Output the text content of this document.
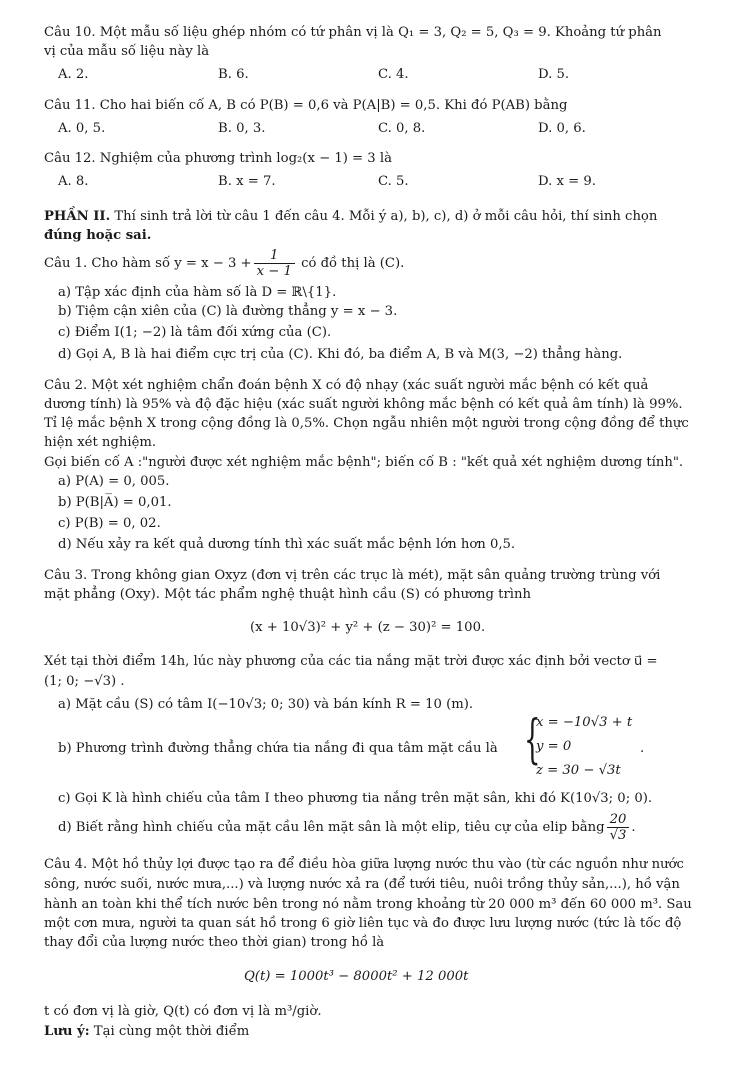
Câu 10. Một mẫu số liệu ghép nhóm có tứ phân vị là Q₁ = 3, Q₂ = 5, Q₃ = 9. Khoảng tứ phân
vị của mẫu số liệu này là
A. 2.	B. 6.	C. 4.	D. 5.
Câu 11. Cho hai biến cố A, B có P(B) = 0,6 và P(A|B) = 0,5. Khi đó P(AB) bằng
A. 0, 5.	B. 0, 3.	C. 0, 8.	D. 0, 6.
Câu 12. Nghiệm của phương trình log₂(x − 1) = 3 là
A. 8.	B. x = 7.	C. 5.	D. x = 9.
PHẦN II. Thí sinh trả lời từ câu 1 đến câu 4. Mỗi ý a), b), c), d) ở mỗi câu hỏi, thí sinh chọn
đúng hoặc sai.
Câu 1. Cho hàm số $y = x - 3 + \frac{1}{x - 1}$ có đồ thị là (C).
a) Tập xác định của hàm số là D = ℝ\{1}.
b) Tiệm cận xiên của (C) là đường thẳng y = x − 3.
c) Điểm I(1; −2) là tâm đối xứng của (C).
d) Gọi A, B là hai điểm cực trị của (C). Khi đó, ba điểm A, B và M(3, −2) thẳng hàng.
Câu 2. Một xét nghiệm chẩn đoán bệnh X có độ nhạy (xác suất người mắc bệnh có kết quả
dương tính) là 95% và độ đặc hiệu (xác suất người không mắc bệnh có kết quả âm tính) là 99%.
Tỉ lệ mắc bệnh X trong cộng đồng là 0,5%. Chọn ngẫu nhiên một người trong cộng đồng để thực
hiện xét nghiệm.
Gọi biến cố A :"người được xét nghiệm mắc bệnh"; biến cố B : "kết quả xét nghiệm dương tính".
a) P(A) = 0, 005.
b) P(B|A̅) = 0,01.
c) P(B) = 0, 02.
d) Nếu xảy ra kết quả dương tính thì xác suất mắc bệnh lớn hơn 0,5.
Câu 3. Trong không gian Oxyz (đơn vị trên các trục là mét), mặt sân quảng trường trùng với
mặt phẳng (Oxy). Một tác phẩm nghệ thuật hình cầu (S) có phương trình
(x + 10√3)² + y² + (z − 30)² = 100.
Xét tại thời điểm 14h, lúc này phương của các tia nắng mặt trời được xác định bởi vectơ u⃗ =
(1; 0; −√3) .
a) Mặt cầu (S) có tâm I(−10√3; 0; 30) và bán kính R = 10 (m).
b) Phương trình đường thẳng chứa tia nắng đi qua tâm mặt cầu là {
x = −10√3 + t
y = 0
z = 30 − √3t
.
c) Gọi K là hình chiếu của tâm I theo phương tia nắng trên mặt sân, khi đó K(10√3; 0; 0).
d) Biết rằng hình chiếu của mặt cầu lên mặt sân là một elip, tiêu cự của elip bằng $\frac{20}{√3}$ .
Câu 4. Một hồ thủy lợi được tạo ra để điều hòa giữa lượng nước thu vào (từ các nguồn như nước
sông, nước suối, nước mưa,...) và lượng nước xả ra (để tưới tiêu, nuôi trồng thủy sản,...), hồ vận
hành an toàn khi thể tích nước bên trong nó nằm trong khoảng từ 20 000 m³ đến 60 000 m³. Sau
một cơn mưa, người ta quan sát hồ trong 6 giờ liên tục và đo được lưu lượng nước (tức là tốc độ
thay đổi của lượng nước theo thời gian) trong hồ là
Q(t) = 1000t³ − 8000t² + 12 000t
t có đơn vị là giờ, Q(t) có đơn vị là m³/giờ.
Lưu ý: Tại cùng một thời điểm
